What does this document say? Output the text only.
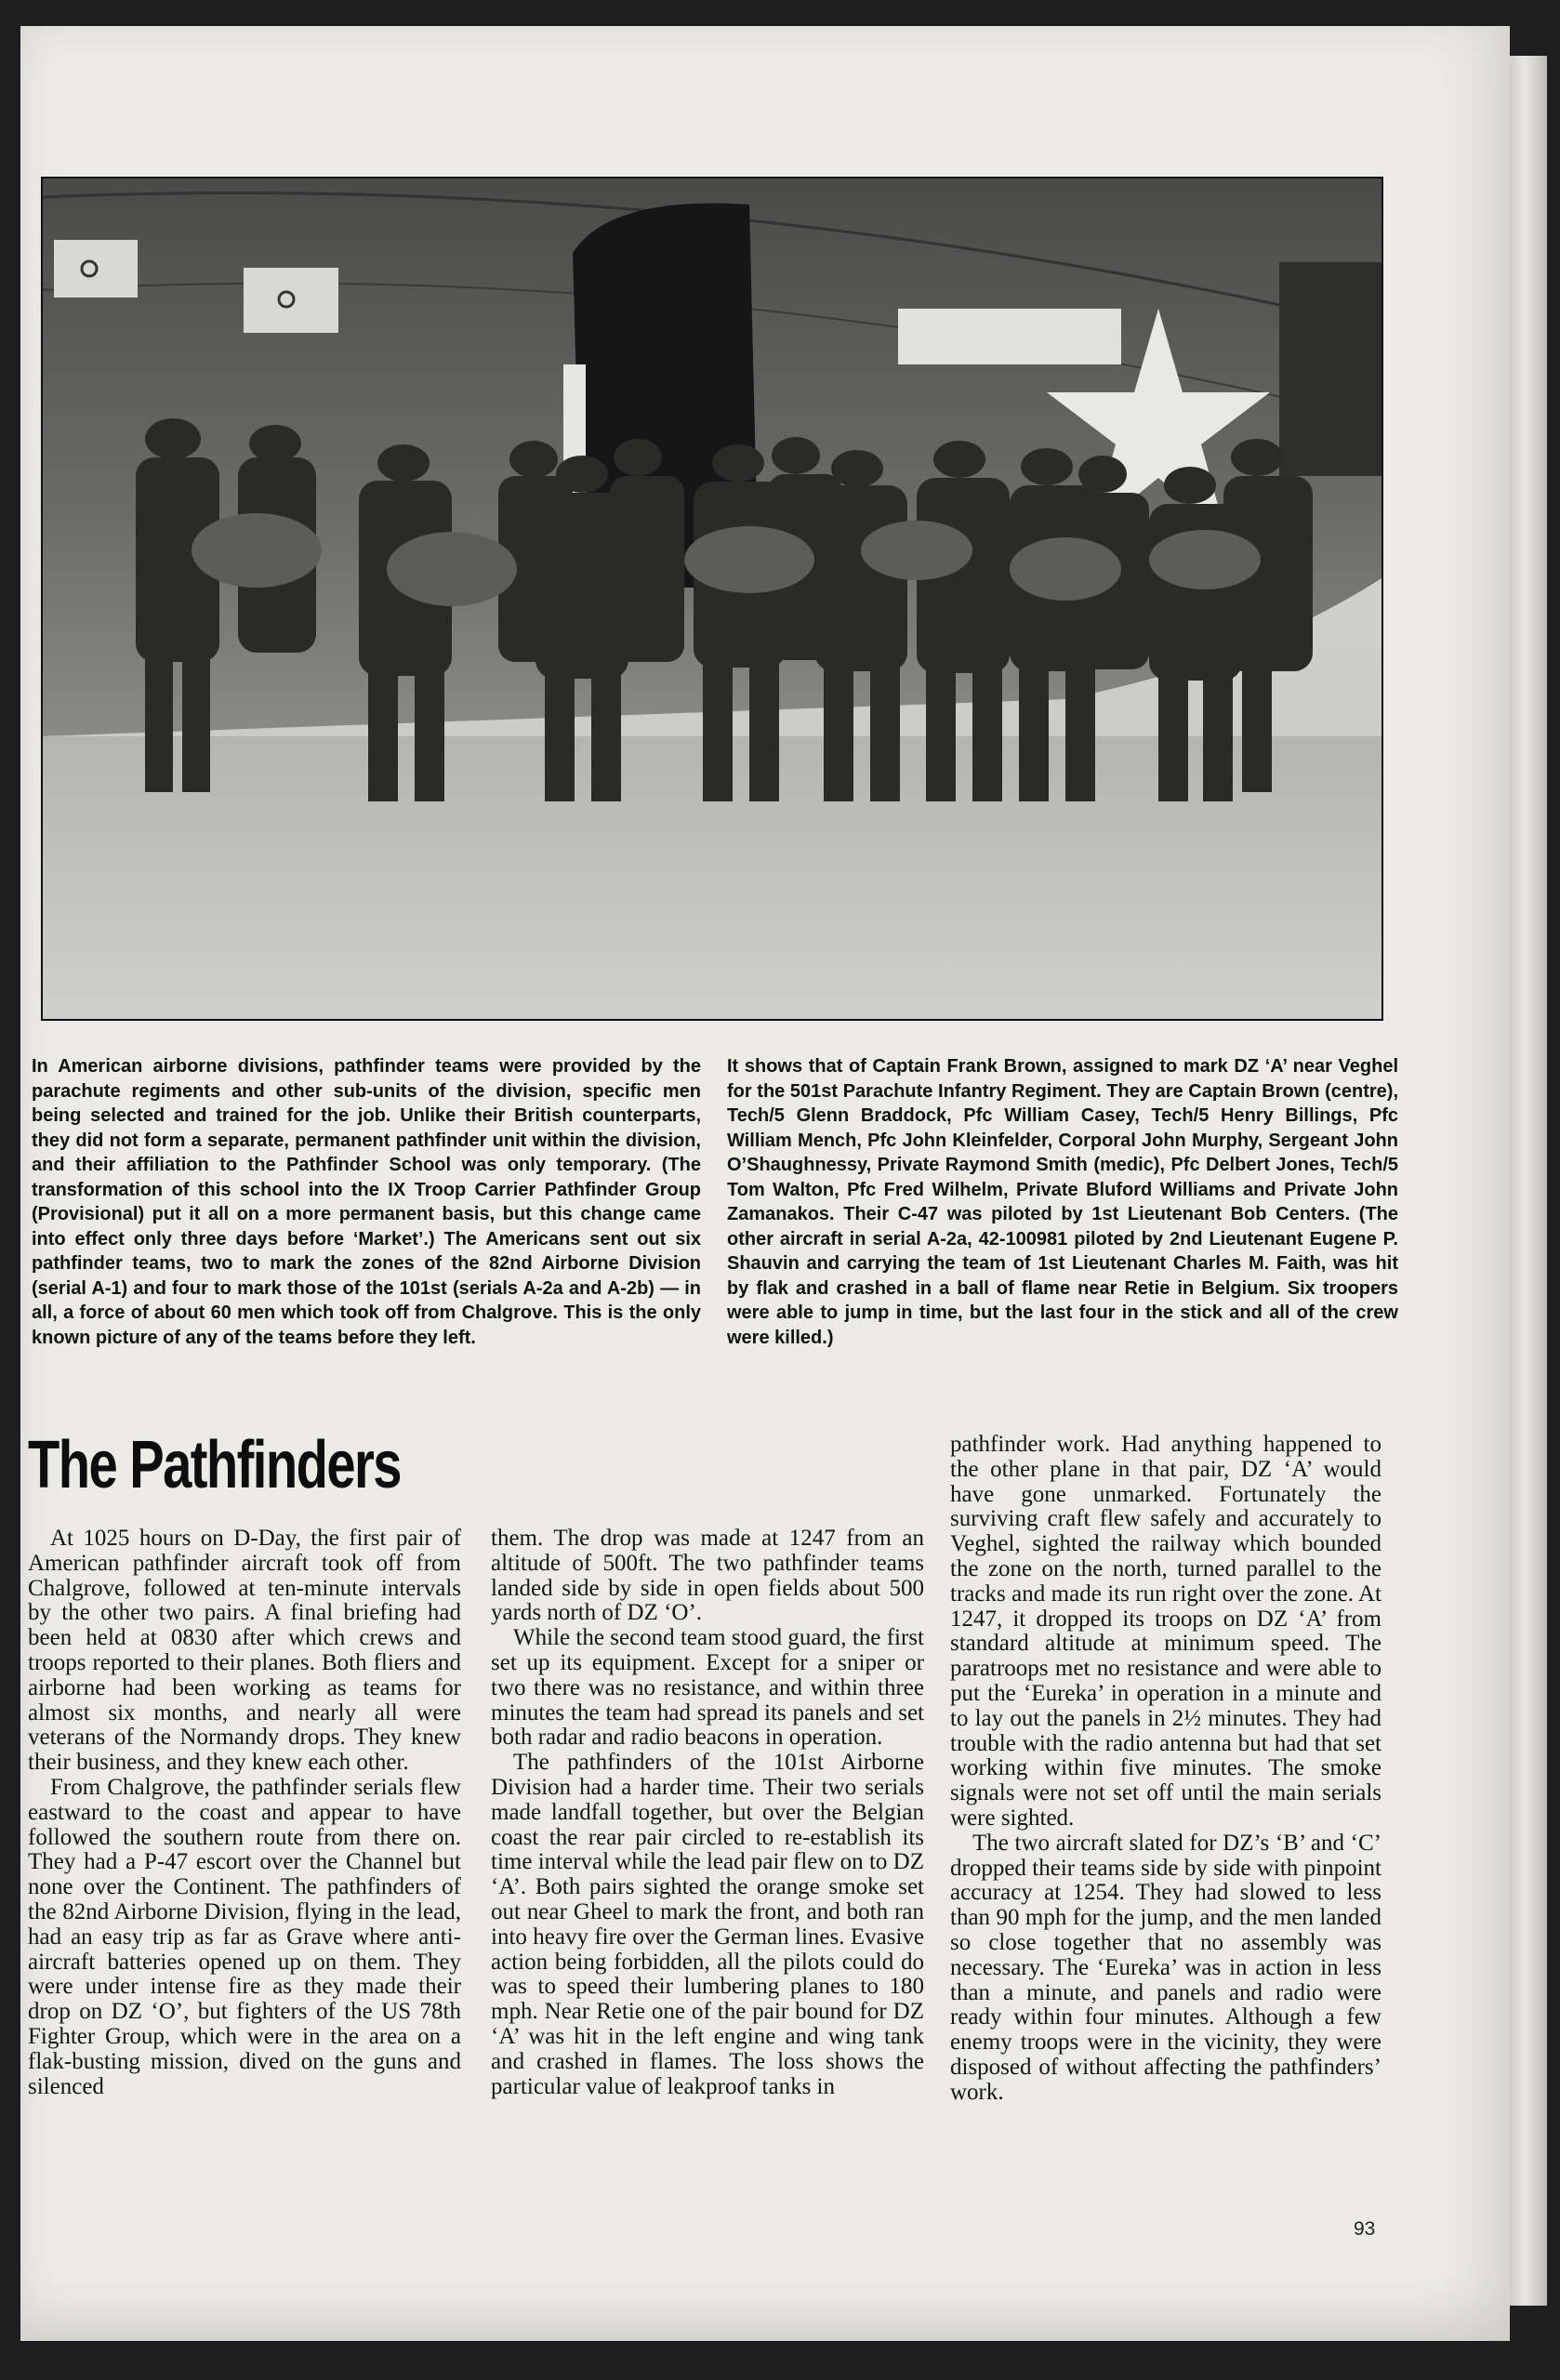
In American airborne divisions, pathfinder teams were provided by the parachute regiments and other sub-units of the division, specific men being selected and trained for the job. Unlike their British counterparts, they did not form a separate, permanent pathfinder unit within the division, and their affiliation to the Pathfinder School was only temporary. (The transformation of this school into the IX Troop Carrier Pathfinder Group (Provisional) put it all on a more permanent basis, but this change came into effect only three days before ‘Market’.) The Americans sent out six pathfinder teams, two to mark the zones of the 82nd Airborne Division (serial A-1) and four to mark those of the 101st (serials A-2a and A-2b) — in all, a force of about 60 men which took off from Chalgrove. This is the only known picture of any of the teams before they left.

It shows that of Captain Frank Brown, assigned to mark DZ ‘A’ near Veghel for the 501st Parachute Infantry Regiment. They are Captain Brown (centre), Tech/5 Glenn Braddock, Pfc William Casey, Tech/5 Henry Billings, Pfc William Mench, Pfc John Kleinfelder, Corporal John Murphy, Sergeant John O’Shaughnessy, Private Raymond Smith (medic), Pfc Delbert Jones, Tech/5 Tom Walton, Pfc Fred Wilhelm, Private Bluford Williams and Private John Zamanakos. Their C-47 was piloted by 1st Lieutenant Bob Centers. (The other aircraft in serial A-2a, 42-100981 piloted by 2nd Lieutenant Eugene P. Shauvin and carrying the team of 1st Lieutenant Charles M. Faith, was hit by flak and crashed in a ball of flame near Retie in Belgium. Six troopers were able to jump in time, but the last four in the stick and all of the crew were killed.)

The Pathfinders

At 1025 hours on D-Day, the first pair of American pathfinder aircraft took off from Chalgrove, followed at ten-minute intervals by the other two pairs. A final briefing had been held at 0830 after which crews and troops reported to their planes. Both fliers and airborne had been working as teams for almost six months, and nearly all were veterans of the Normandy drops. They knew their business, and they knew each other.

From Chalgrove, the pathfinder serials flew eastward to the coast and appear to have followed the southern route from there on. They had a P-47 escort over the Channel but none over the Continent. The pathfinders of the 82nd Airborne Division, flying in the lead, had an easy trip as far as Grave where anti-aircraft batteries opened up on them. They were under intense fire as they made their drop on DZ ‘O’, but fighters of the US 78th Fighter Group, which were in the area on a flak-busting mission, dived on the guns and silenced

them. The drop was made at 1247 from an altitude of 500ft. The two pathfinder teams landed side by side in open fields about 500 yards north of DZ ‘O’.

While the second team stood guard, the first set up its equipment. Except for a sniper or two there was no resistance, and within three minutes the team had spread its panels and set both radar and radio beacons in operation.

The pathfinders of the 101st Airborne Division had a harder time. Their two serials made landfall together, but over the Belgian coast the rear pair circled to re-establish its time interval while the lead pair flew on to DZ ‘A’. Both pairs sighted the orange smoke set out near Gheel to mark the front, and both ran into heavy fire over the German lines. Evasive action being forbidden, all the pilots could do was to speed their lumbering planes to 180 mph. Near Retie one of the pair bound for DZ ‘A’ was hit in the left engine and wing tank and crashed in flames. The loss shows the particular value of leakproof tanks in

pathfinder work. Had anything happened to the other plane in that pair, DZ ‘A’ would have gone unmarked. Fortunately the surviving craft flew safely and accurately to Veghel, sighted the railway which bounded the zone on the north, turned parallel to the tracks and made its run right over the zone. At 1247, it dropped its troops on DZ ‘A’ from standard altitude at minimum speed. The paratroops met no resistance and were able to put the ‘Eureka’ in operation in a minute and to lay out the panels in 2½ minutes. They had trouble with the radio antenna but had that set working within five minutes. The smoke signals were not set off until the main serials were sighted.

The two aircraft slated for DZ’s ‘B’ and ‘C’ dropped their teams side by side with pinpoint accuracy at 1254. They had slowed to less than 90 mph for the jump, and the men landed so close together that no assembly was necessary. The ‘Eureka’ was in action in less than a minute, and panels and radio were ready within four minutes. Although a few enemy troops were in the vicinity, they were disposed of without affecting the pathfinders’ work.

93
